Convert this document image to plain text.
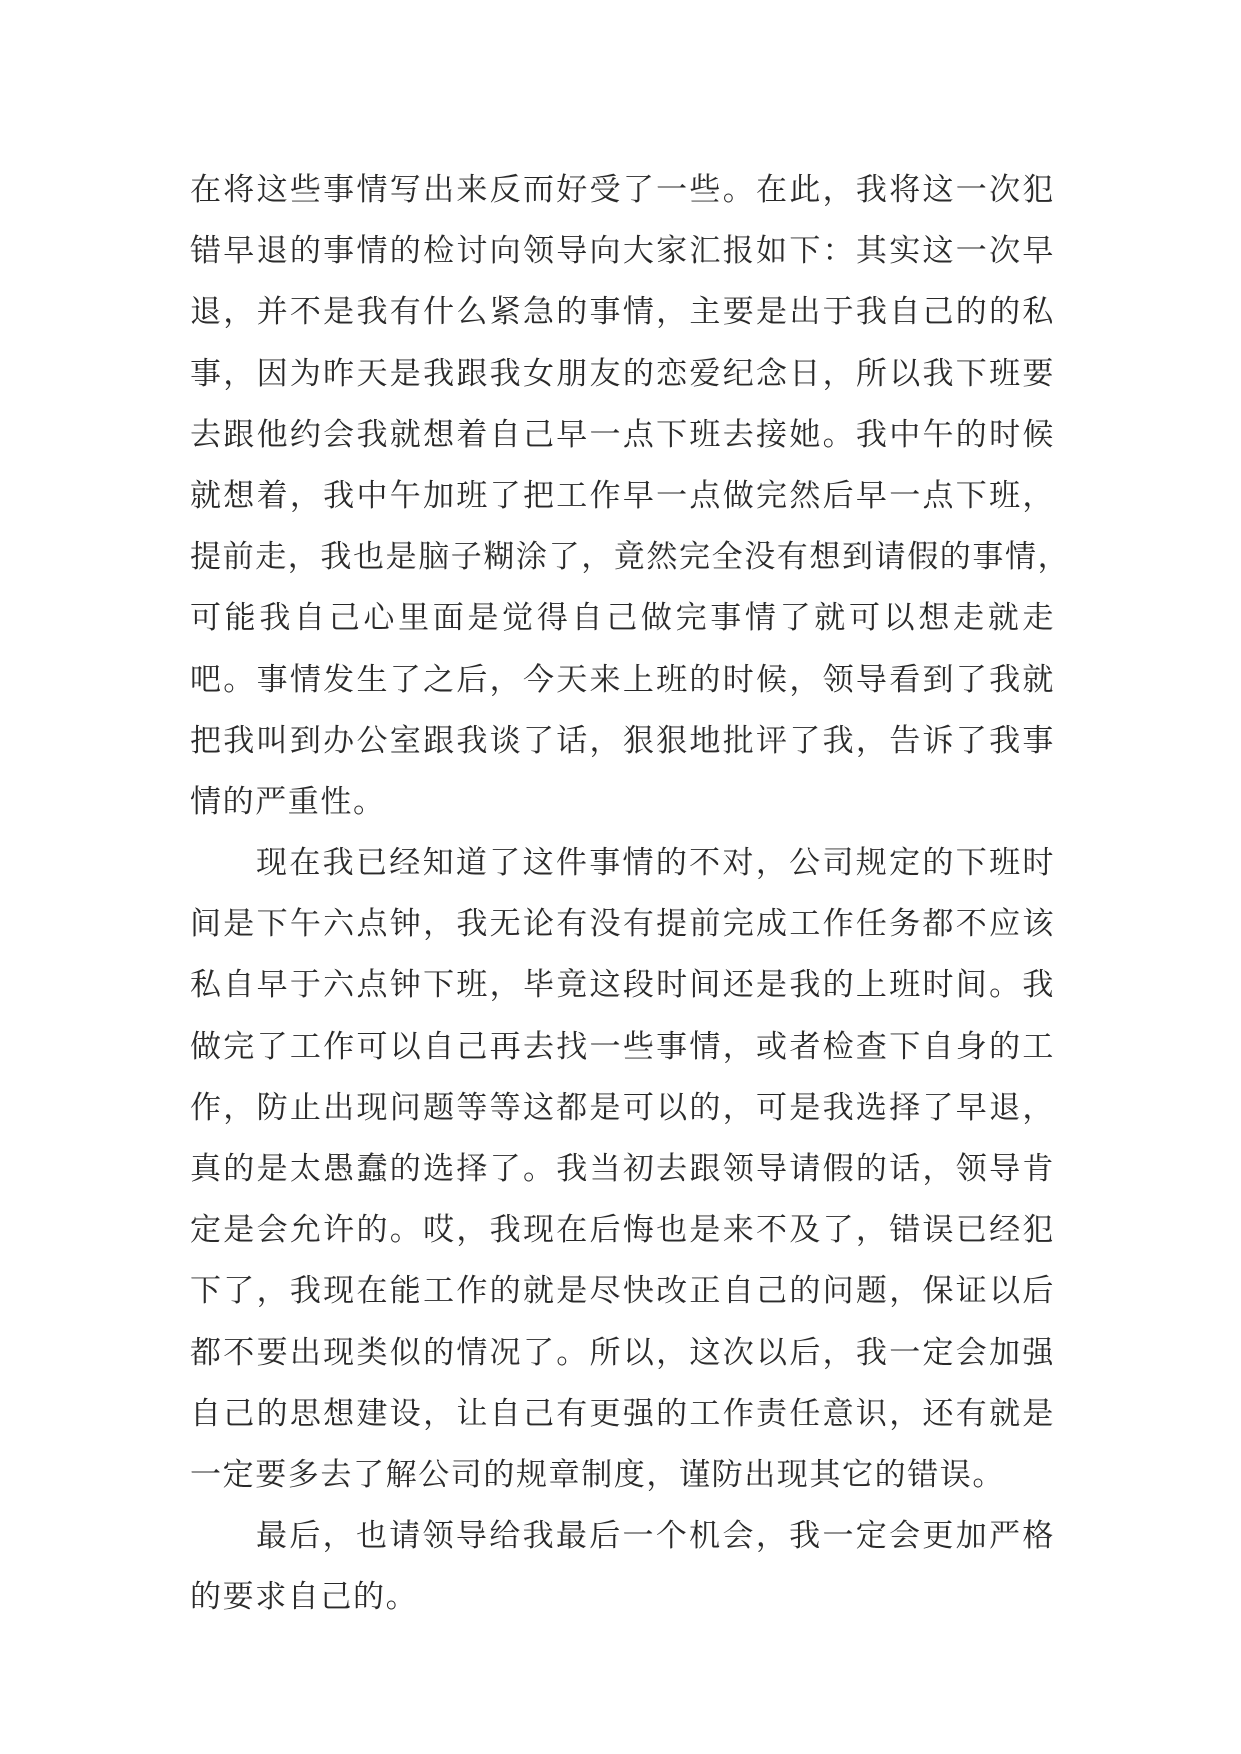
在将这些事情写出来反而好受了一些。在此，我将这一次犯
错早退的事情的检讨向领导向大家汇报如下：其实这一次早
退，并不是我有什么紧急的事情，主要是出于我自己的的私
事，因为昨天是我跟我女朋友的恋爱纪念日，所以我下班要
去跟他约会我就想着自己早一点下班去接她。我中午的时候
就想着，我中午加班了把工作早一点做完然后早一点下班，
提前走，我也是脑子糊涂了，竟然完全没有想到请假的事情，
可能我自己心里面是觉得自己做完事情了就可以想走就走
吧。事情发生了之后，今天来上班的时候，领导看到了我就
把我叫到办公室跟我谈了话，狠狠地批评了我，告诉了我事
情的严重性。
现在我已经知道了这件事情的不对，公司规定的下班时
间是下午六点钟，我无论有没有提前完成工作任务都不应该
私自早于六点钟下班，毕竟这段时间还是我的上班时间。我
做完了工作可以自己再去找一些事情，或者检查下自身的工
作，防止出现问题等等这都是可以的，可是我选择了早退，
真的是太愚蠢的选择了。我当初去跟领导请假的话，领导肯
定是会允许的。哎，我现在后悔也是来不及了，错误已经犯
下了，我现在能工作的就是尽快改正自己的问题，保证以后
都不要出现类似的情况了。所以，这次以后，我一定会加强
自己的思想建设，让自己有更强的工作责任意识，还有就是
一定要多去了解公司的规章制度，谨防出现其它的错误。
最后，也请领导给我最后一个机会，我一定会更加严格
的要求自己的。
